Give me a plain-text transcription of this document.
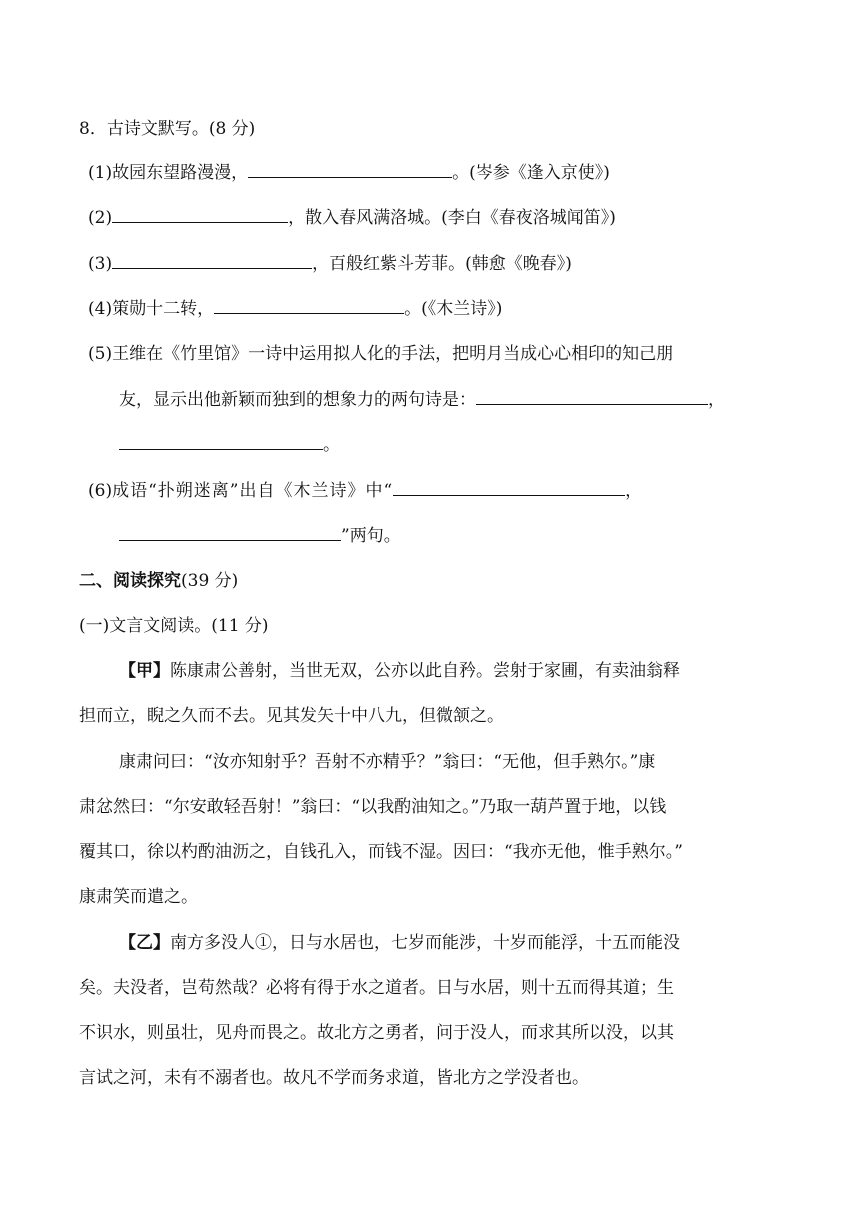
8．古诗文默写。(8 分)
(1)故园东望路漫漫，	。(岑参《逢入京使》)
(2)	，散入春风满洛城。(李白《春夜洛城闻笛》)
(3)	，百般红紫斗芳菲。(韩愈《晚春》)
(4)策勋十二转，	。(《木兰诗》)
(5)王维在《竹里馆》一诗中运用拟人化的手法，把明月当成心心相印的知己朋
友，显示出他新颖而独到的想象力的两句诗是：	，
。
(6)成语“扑朔迷离”出自《木兰诗》中“	，
”两句。
二、阅读探究(39 分)
(一)文言文阅读。(11 分)
【甲】陈康肃公善射，当世无双，公亦以此自矜。尝射于家圃，有卖油翁释
担而立，睨之久而不去。见其发矢十中八九，但微颔之。
康肃问曰：“汝亦知射乎？吾射不亦精乎？”翁曰：“无他，但手熟尔。”康
肃忿然曰：“尔安敢轻吾射！”翁曰：“以我酌油知之。”乃取一葫芦置于地，以钱
覆其口，徐以杓酌油沥之，自钱孔入，而钱不湿。因曰：“我亦无他，惟手熟尔。”
康肃笑而遣之。
【乙】南方多没人①，日与水居也，七岁而能涉，十岁而能浮，十五而能没
矣。夫没者，岂苟然哉？必将有得于水之道者。日与水居，则十五而得其道；生
不识水，则虽壮，见舟而畏之。故北方之勇者，问于没人，而求其所以没，以其
言试之河，未有不溺者也。故凡不学而务求道，皆北方之学没者也。
